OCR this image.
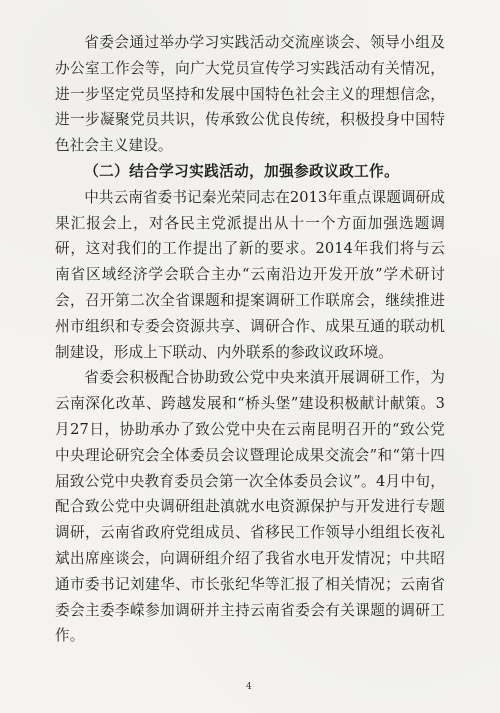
省委会通过举办学习实践活动交流座谈会、领导小组及办公室工作会等，向广大党员宣传学习实践活动有关情况，进一步坚定党员坚持和发展中国特色社会主义的理想信念，进一步凝聚党员共识，传承致公优良传统，积极投身中国特色社会主义建设。

（二）结合学习实践活动，加强参政议政工作。

中共云南省委书记秦光荣同志在2013年重点课题调研成果汇报会上，对各民主党派提出从十一个方面加强选题调研，这对我们的工作提出了新的要求。2014年我们将与云南省区域经济学会联合主办“云南沿边开发开放”学术研讨会，召开第二次全省课题和提案调研工作联席会，继续推进州市组织和专委会资源共享、调研合作、成果互通的联动机制建设，形成上下联动、内外联系的参政议政环境。

省委会积极配合协助致公党中央来滇开展调研工作，为云南深化改革、跨越发展和“桥头堡”建设积极献计献策。3月27日，协助承办了致公党中央在云南昆明召开的“致公党中央理论研究会全体委员会议暨理论成果交流会”和“第十四届致公党中央教育委员会第一次全体委员会议”。4月中旬，配合致公党中央调研组赴滇就水电资源保护与开发进行专题调研，云南省政府党组成员、省移民工作领导小组组长夜礼斌出席座谈会，向调研组介绍了我省水电开发情况；中共昭通市委书记刘建华、市长张纪华等汇报了相关情况；云南省委会主委李嵘参加调研并主持云南省委会有关课题的调研工作。

4
